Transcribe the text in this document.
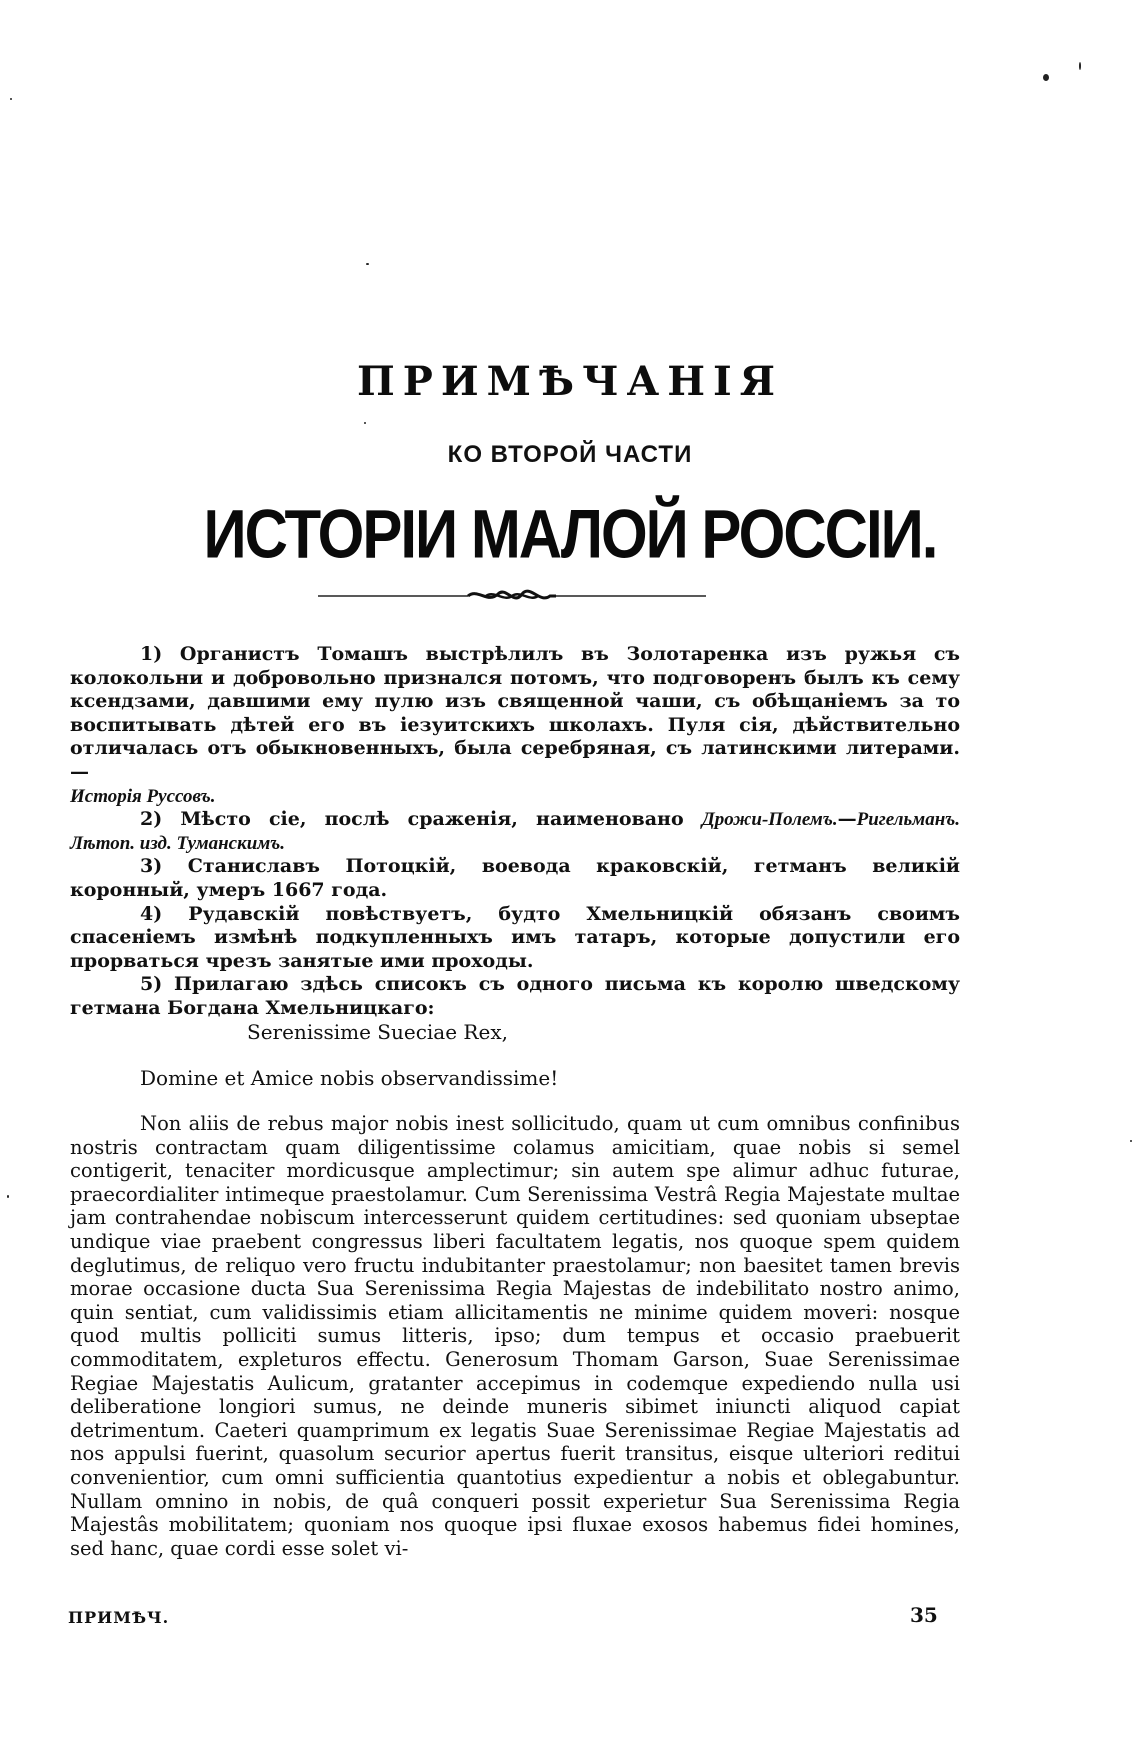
ПРИМѢЧАНІЯ
КО ВТОРОЙ ЧАСТИ
ИСТОРІИ МАЛОЙ РОССІИ.

1) Органистъ Томашъ выстрѣлилъ въ Золотаренка изъ ружья съ колокольни и добровольно признался потомъ, что подговоренъ былъ къ сему ксендзами, давшими ему пулю изъ священной чаши, съ обѣщаніемъ за то воспитывать дѣтей его въ іезуитскихъ школахъ. Пуля сія, дѣйствительно отличалась отъ обыкновенныхъ, была серебряная, съ латинскими литерами.—
Исторія Руссовъ.

2) Мѣсто сіе, послѣ сраженія, наименовано Дрожи-Полемъ.—Ригельманъ. Лѣтоп. изд. Туманскимъ.

3) Станиславъ Потоцкій, воевода краковскій, гетманъ великій коронный, умеръ 1667 года.

4) Рудавскій повѣствуетъ, будто Хмельницкій обязанъ своимъ спасеніемъ измѣнѣ подкупленныхъ имъ татаръ, которые допустили его прорваться чрезъ занятые ими проходы.

5) Прилагаю здѣсь списокъ съ одного письма къ королю шведскому гетмана Богдана Хмельницкаго:

Serenissime Sueciae Rex,

Domine et Amice nobis observandissime!

Non aliis de rebus major nobis inest sollicitudo, quam ut cum omnibus confinibus nostris contractam quam diligentissime colamus amicitiam, quae nobis si semel contigerit, tenaciter mordicusque amplectimur; sin autem spe alimur adhuc futurae, praecordialiter intimeque praestolamur. Cum Serenissima Vestrâ Regia Majestate multae jam contrahendae nobiscum intercesserunt quidem certitudines: sed quoniam ubseptae undique viae praebent congressus liberi facultatem legatis, nos quoque spem quidem deglutimus, de reliquo vero fructu indubitanter praestolamur; non baesitet tamen brevis morae occasione ducta Sua Serenissima Regia Majestas de indebilitato nostro animo, quin sentiat, cum validissimis etiam allicitamentis ne minime quidem moveri: nosque quod multis polliciti sumus litteris, ipso; dum tempus et occasio praebuerit commoditatem, expleturos effectu. Generosum Thomam Garson, Suae Serenissimae Regiae Majestatis Aulicum, gratanter accepimus in codemque expediendo nulla usi deliberatione longiori sumus, ne deinde muneris sibimet iniuncti aliquod capiat detrimentum. Caeteri quamprimum ex legatis Suae Serenissimae Regiae Majestatis ad nos appulsi fuerint, quasolum securior apertus fuerit transitus, eisque ulteriori reditui convenientior, cum omni sufficientia quantotius expedientur a nobis et oblegabuntur. Nullam omnino in nobis, de quâ conqueri possit experietur Sua Serenissima Regia Majestâs mobilitatem; quoniam nos quoque ipsi fluxae exosos habemus fidei homines, sed hanc, quae cordi esse solet vi-

ПРИМѢЧ.	35
